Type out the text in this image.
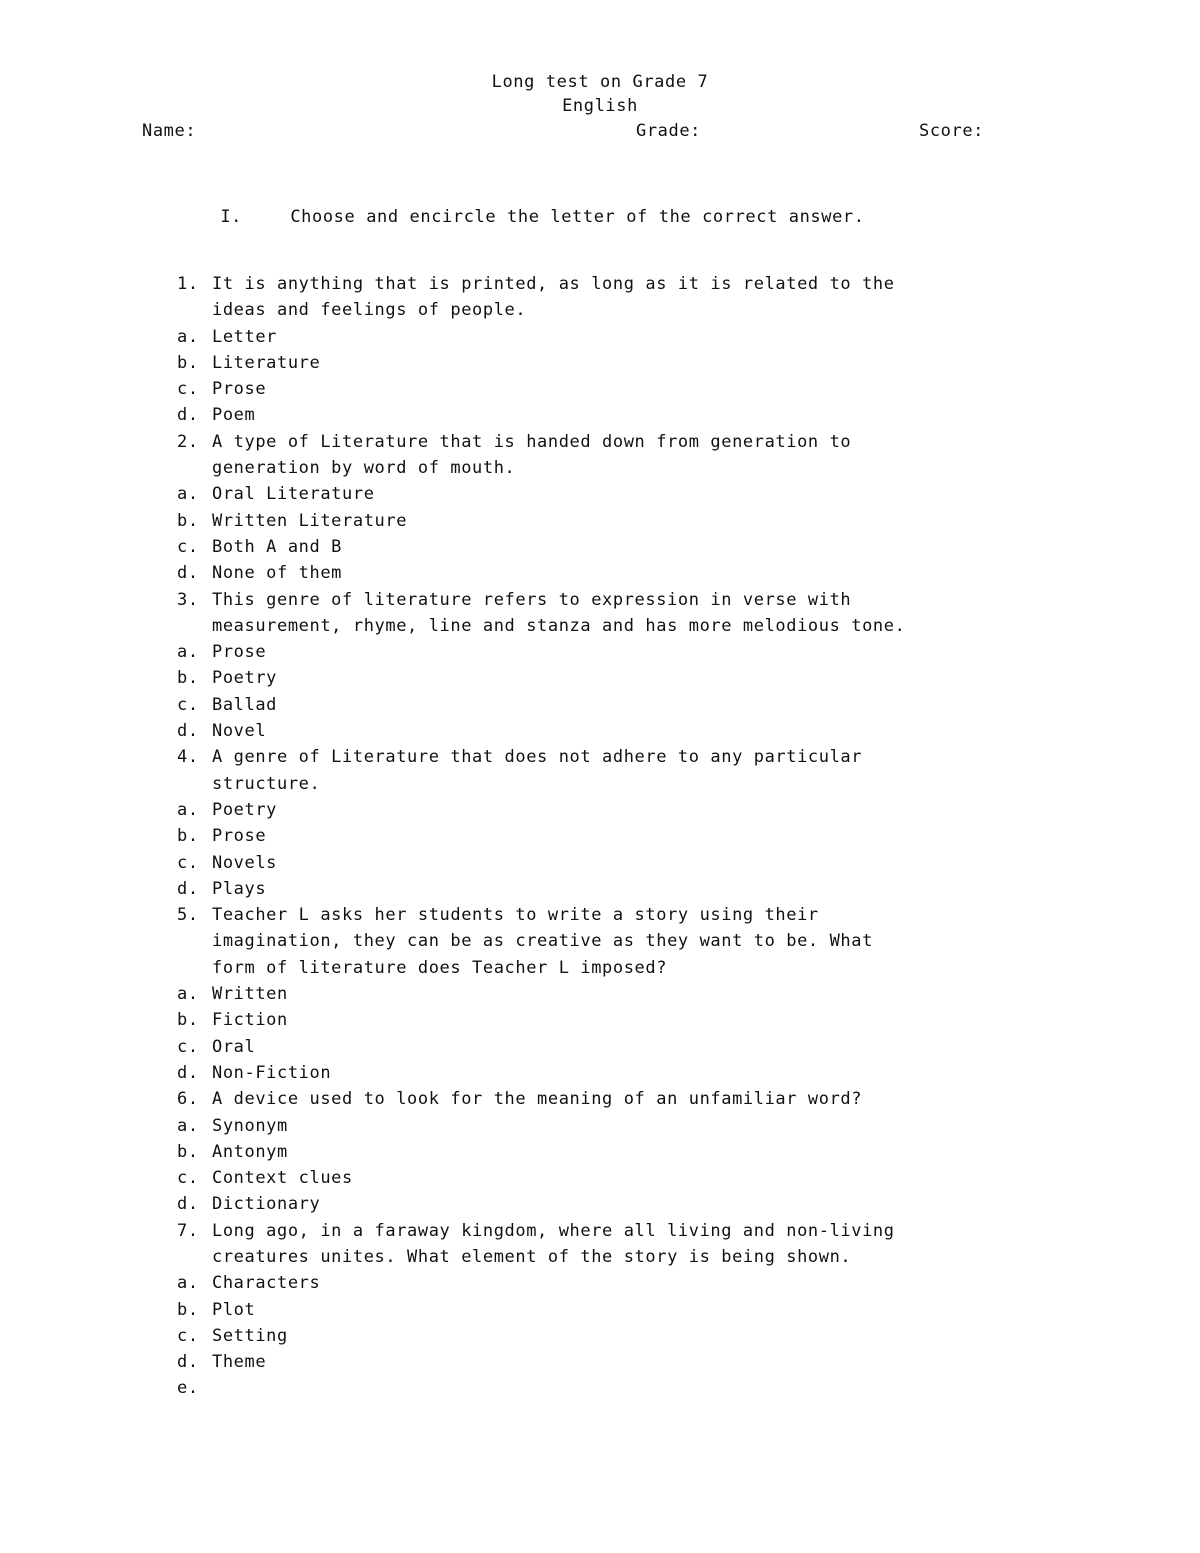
Long test on Grade 7
English
Name:	Grade:	Score:

I.	Choose and encircle the letter of the correct answer.

1. It is anything that is printed, as long as it is related to the
ideas and feelings of people.
a. Letter
b. Literature
c. Prose
d. Poem
2. A type of Literature that is handed down from generation to
generation by word of mouth.
a. Oral Literature
b. Written Literature
c. Both A and B
d. None of them
3. This genre of literature refers to expression in verse with
measurement, rhyme, line and stanza and has more melodious tone.
a. Prose
b. Poetry
c. Ballad
d. Novel
4. A genre of Literature that does not adhere to any particular
structure.
a. Poetry
b. Prose
c. Novels
d. Plays
5. Teacher L asks her students to write a story using their
imagination, they can be as creative as they want to be. What
form of literature does Teacher L imposed?
a. Written
b. Fiction
c. Oral
d. Non-Fiction
6. A device used to look for the meaning of an unfamiliar word?
a. Synonym
b. Antonym
c. Context clues
d. Dictionary
7. Long ago, in a faraway kingdom, where all living and non-living
creatures unites. What element of the story is being shown.
a. Characters
b. Plot
c. Setting
d. Theme
e.
